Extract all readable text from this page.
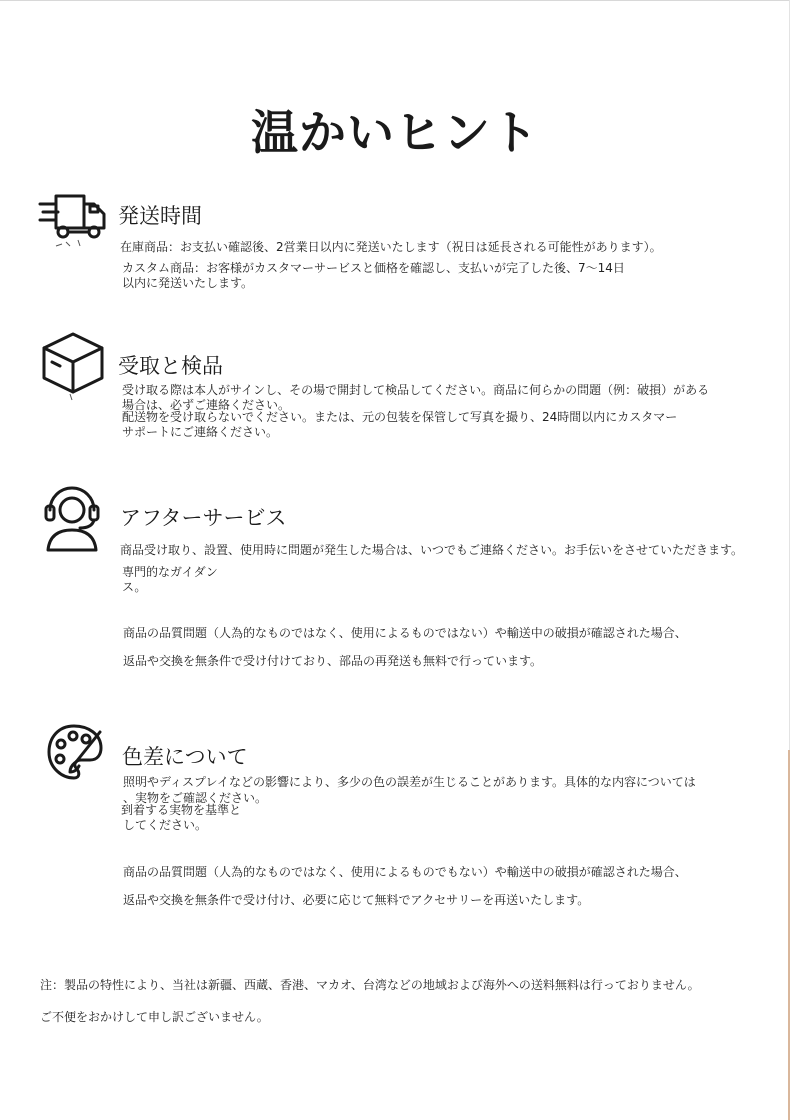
温かいヒント
発送時間
在庫商品：お支払い確認後、2営業日以内に発送いたします（祝日は延長される可能性があります）。
カスタム商品：お客様がカスタマーサービスと価格を確認し、支払いが完了した後、7〜14日
以内に発送いたします。
受取と検品
受け取る際は本人がサインし、その場で開封して検品してください。商品に何らかの問題（例：破損）がある
場合は、必ずご連絡ください。
配送物を受け取らないでください。または、元の包装を保管して写真を撮り、24時間以内にカスタマー
サポートにご連絡ください。
アフターサービス
商品受け取り、設置、使用時に問題が発生した場合は、いつでもご連絡ください。お手伝いをさせていただきます。
専門的なガイダン
ス。
商品の品質問題（人為的なものではなく、使用によるものではない）や輸送中の破損が確認された場合、
返品や交換を無条件で受け付けており、部品の再発送も無料で行っています。
色差について
照明やディスプレイなどの影響により、多少の色の誤差が生じることがあります。具体的な内容については
、実物をご確認ください。
到着する実物を基準と
してください。
商品の品質問題（人為的なものではなく、使用によるものでもない）や輸送中の破損が確認された場合、
返品や交換を無条件で受け付け、必要に応じて無料でアクセサリーを再送いたします。
注：製品の特性により、当社は新疆、西蔵、香港、マカオ、台湾などの地域および海外への送料無料は行っておりません。
ご不便をおかけして申し訳ございません。
